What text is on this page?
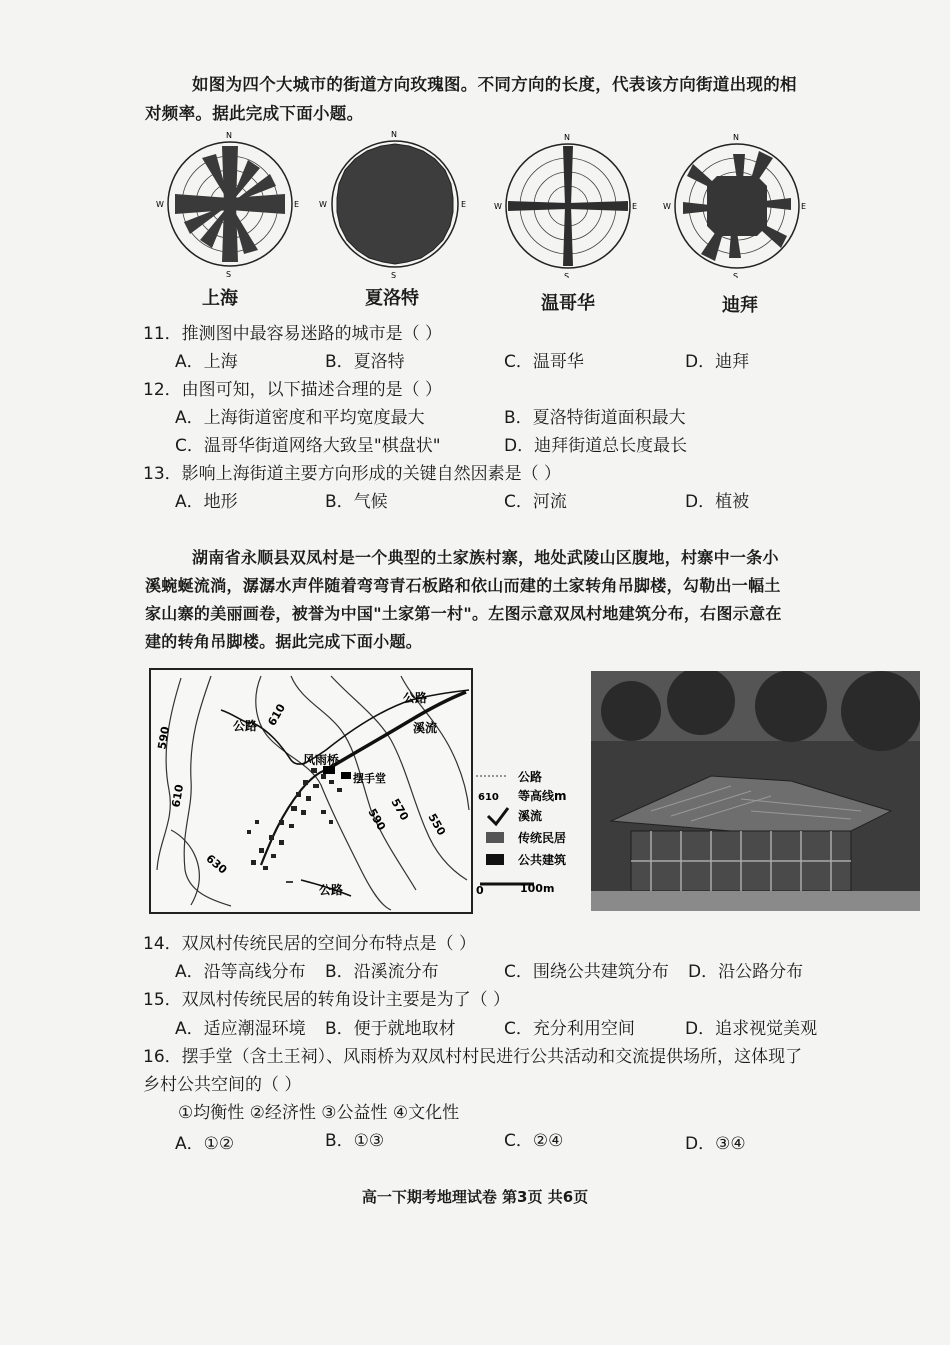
如图为四个大城市的街道方向玫瑰图。不同方向的长度，代表该方向街道出现的相
对频率。据此完成下面小题。
N
S
E
W
N
S
E
W
N
S
E
W
N
S
E
W
上海	夏洛特	温哥华	迪拜
11．推测图中最容易迷路的城市是（ ）
A．上海	B．夏洛特	C．温哥华	D．迪拜
12．由图可知，以下描述合理的是（ ）
A．上海街道密度和平均宽度最大	B．夏洛特街道面积最大
C．温哥华街道网络大致呈"棋盘状"	D．迪拜街道总长度最长
13．影响上海街道主要方向形成的关键自然因素是（ ）
A．地形	B．气候	C．河流	D．植被
湖南省永顺县双凤村是一个典型的土家族村寨，地处武陵山区腹地，村寨中一条小
溪蜿蜒流淌，潺潺水声伴随着弯弯青石板路和依山而建的土家转角吊脚楼，勾勒出一幅土
家山寨的美丽画卷，被誉为中国"土家第一村"。左图示意双凤村地建筑分布，右图示意在
建的转角吊脚楼。据此完成下面小题。
公路
公路
公路
溪流
风雨桥
摆手堂
590
610
610
630
570
550
590
公路
610 等高线m
溪流
传统民居
公共建筑
0	100m
14．双凤村传统民居的空间分布特点是（ ）
A．沿等高线分布 B．沿溪流分布	C．围绕公共建筑分布 D．沿公路分布
15．双凤村传统民居的转角设计主要是为了（ ）
A．适应潮湿环境 B．便于就地取材	C．充分利用空间	D．追求视觉美观
16．摆手堂（含土王祠）、风雨桥为双凤村村民进行公共活动和交流提供场所，这体现了
乡村公共空间的（ ）
①均衡性 ②经济性 ③公益性 ④文化性
A．①②	B．①③	C．②④	D．③④
高一下期考地理试卷 第3页 共6页
